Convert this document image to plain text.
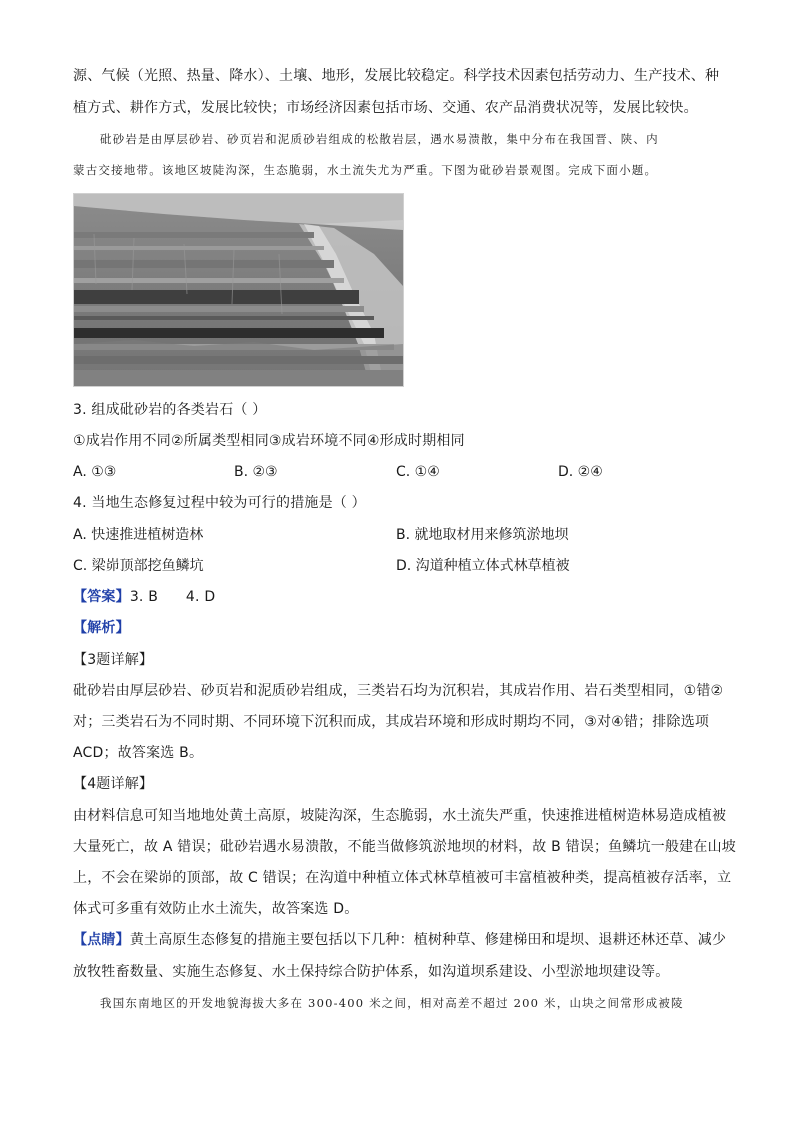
源、气候（光照、热量、降水）、土壤、地形，发展比较稳定。科学技术因素包括劳动力、生产技术、种
植方式、耕作方式，发展比较快；市场经济因素包括市场、交通、农产品消费状况等，发展比较快。
砒砂岩是由厚层砂岩、砂页岩和泥质砂岩组成的松散岩层，遇水易溃散，集中分布在我国晋、陕、内
蒙古交接地带。该地区坡陡沟深，生态脆弱，水土流失尤为严重。下图为砒砂岩景观图。完成下面小题。
3. 组成砒砂岩的各类岩石（ ）
①成岩作用不同②所属类型相同③成岩环境不同④形成时期相同
A. ①③	B. ②③	C. ①④	D. ②④
4. 当地生态修复过程中较为可行的措施是（ ）
A. 快速推进植树造林	B. 就地取材用来修筑淤地坝
C. 梁峁顶部挖鱼鳞坑	D. 沟道种植立体式林草植被
【答案】3. B      4. D
【解析】
【3题详解】
砒砂岩由厚层砂岩、砂页岩和泥质砂岩组成，三类岩石均为沉积岩，其成岩作用、岩石类型相同，①错②
对；三类岩石为不同时期、不同环境下沉积而成，其成岩环境和形成时期均不同，③对④错；排除选项
ACD；故答案选 B。
【4题详解】
由材料信息可知当地地处黄土高原，坡陡沟深，生态脆弱，水土流失严重，快速推进植树造林易造成植被
大量死亡，故 A 错误；砒砂岩遇水易溃散，不能当做修筑淤地坝的材料，故 B 错误；鱼鳞坑一般建在山坡
上，不会在梁峁的顶部，故 C 错误；在沟道中种植立体式林草植被可丰富植被种类，提高植被存活率，立
体式可多重有效防止水土流失，故答案选 D。
【点睛】黄土高原生态修复的措施主要包括以下几种：植树种草、修建梯田和堤坝、退耕还林还草、减少
放牧牲畜数量、实施生态修复、水土保持综合防护体系，如沟道坝系建设、小型淤地坝建设等。
我国东南地区的开发地貌海拔大多在 300-400 米之间，相对高差不超过 200 米，山块之间常形成被陵
